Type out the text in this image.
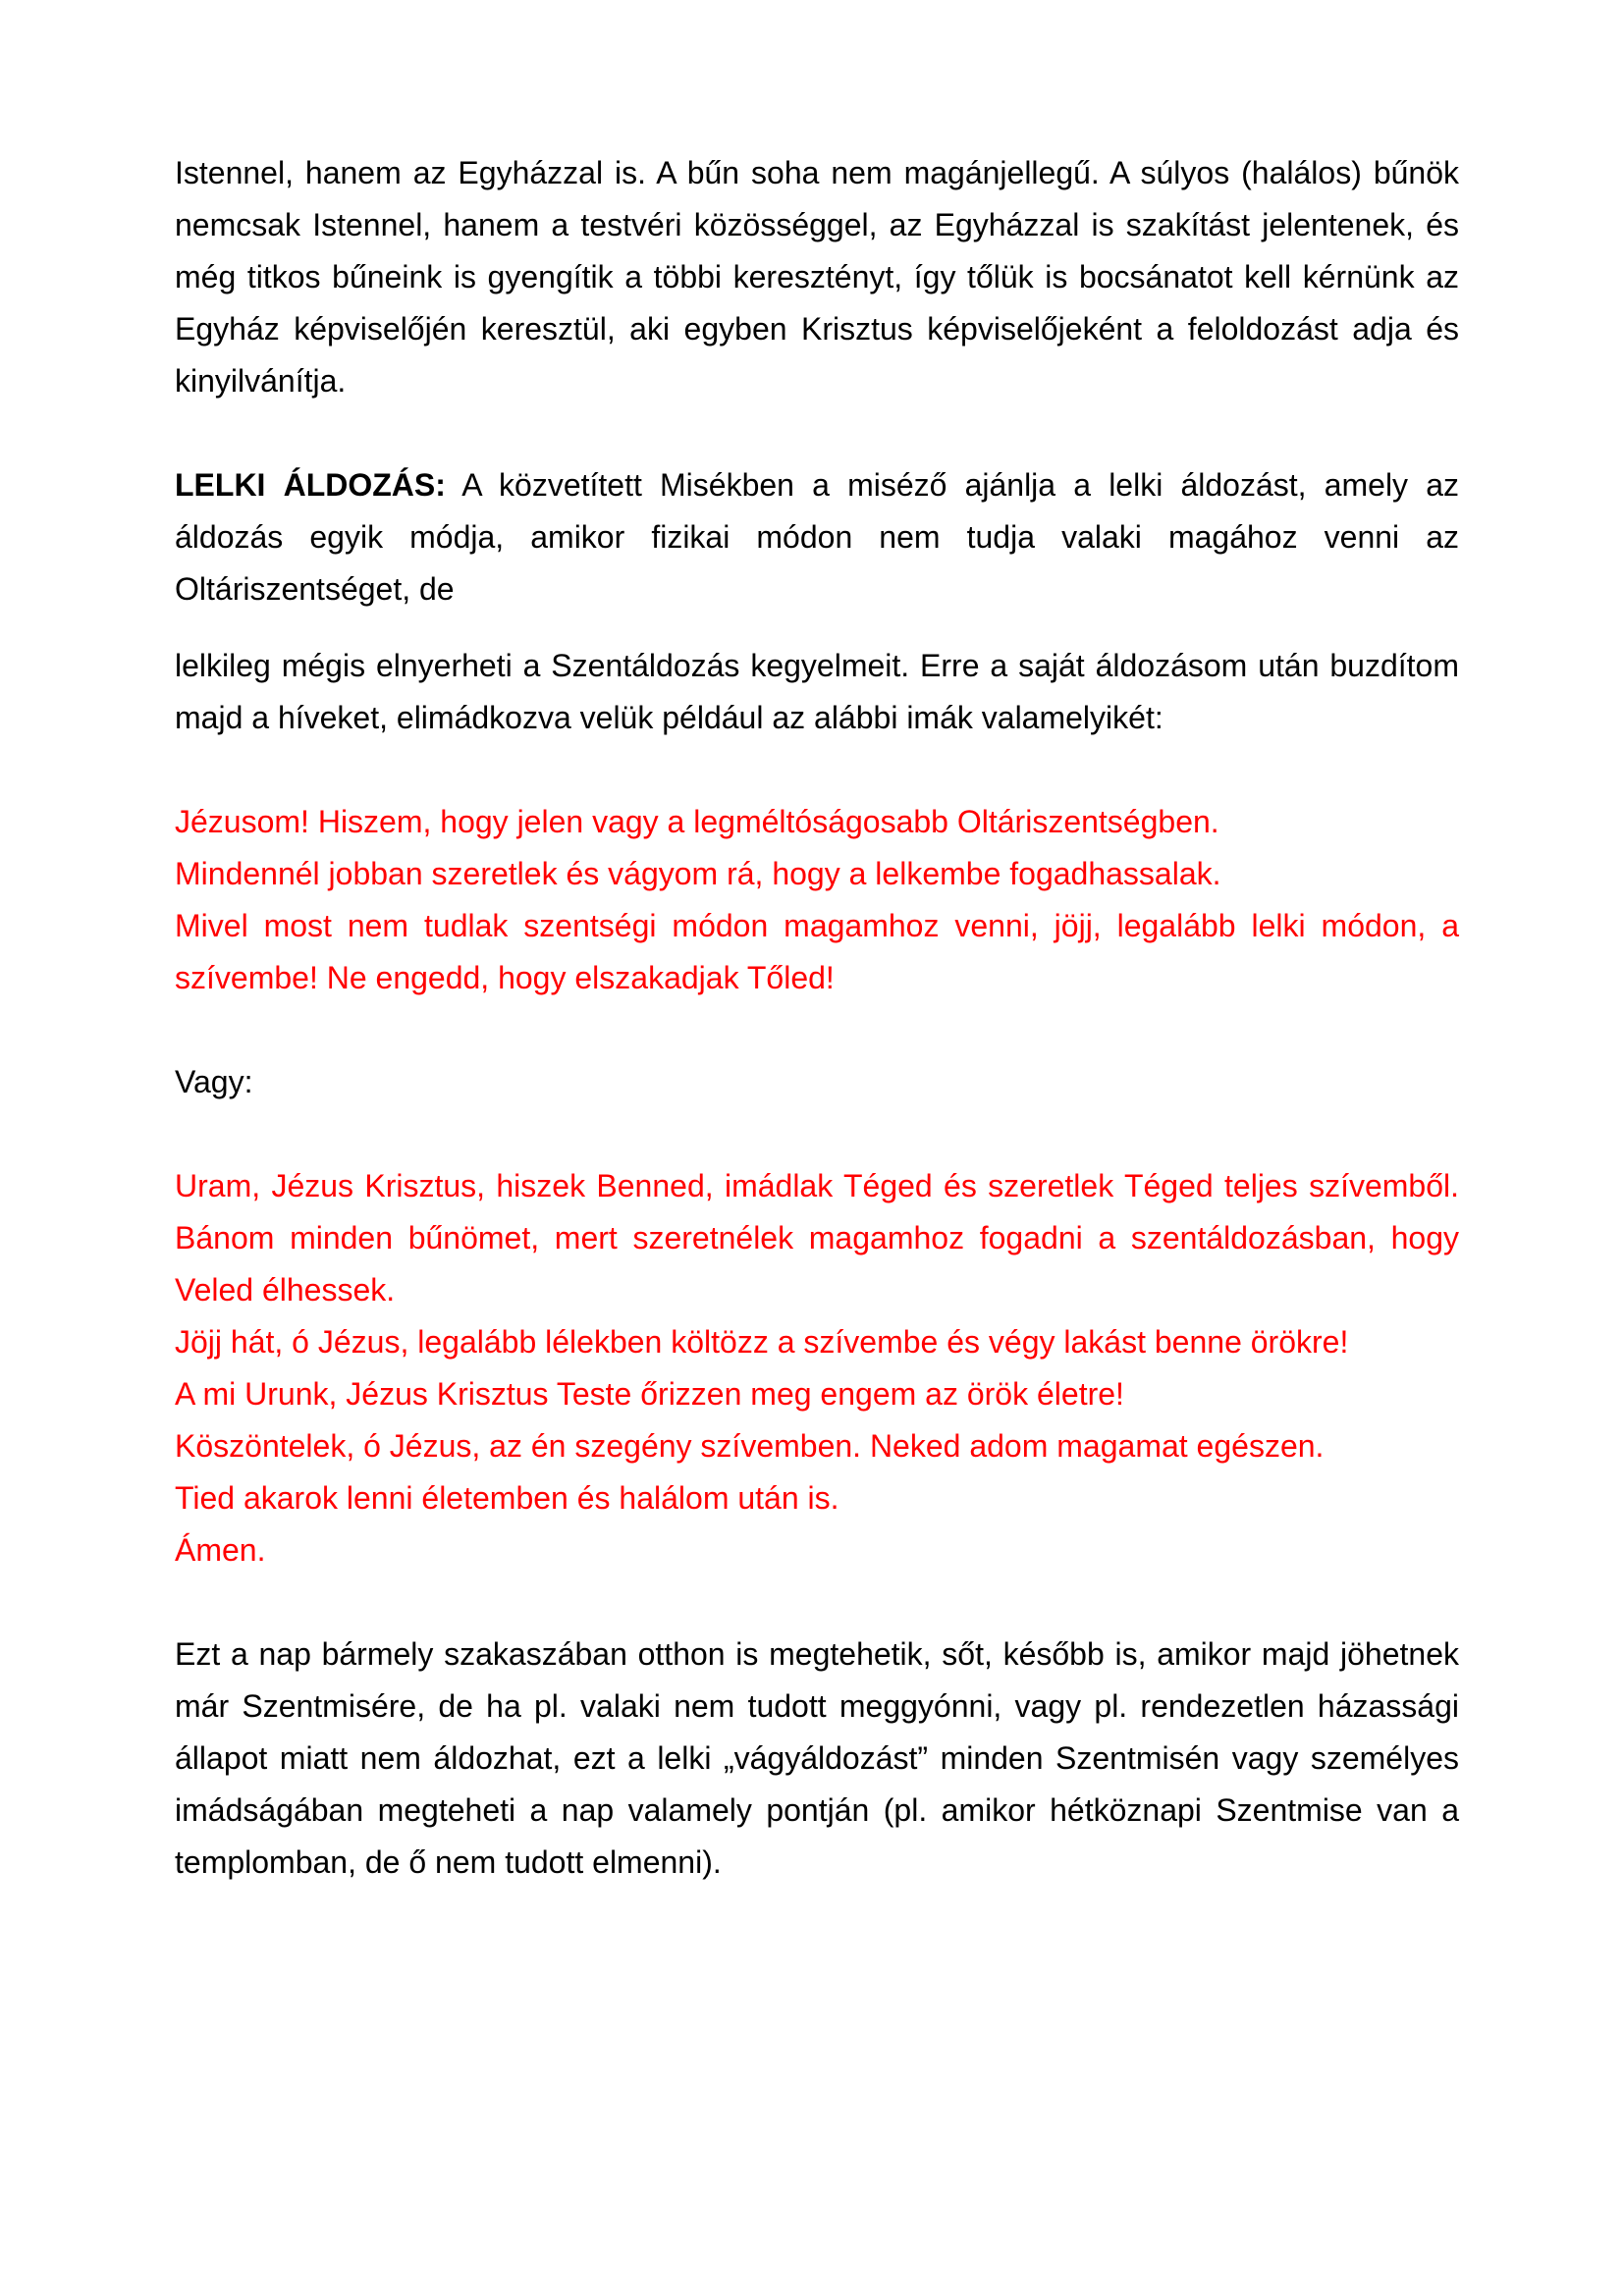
Istennel, hanem az Egyházzal is. A bűn soha nem magánjellegű. A súlyos (halálos) bűnök nemcsak Istennel, hanem a testvéri közösséggel, az Egyházzal is szakítást jelentenek, és még titkos bűneink is gyengítik a többi keresztényt, így tőlük is bocsánatot kell kérnünk az Egyház képviselőjén keresztül, aki egyben Krisztus képviselőjeként a feloldozást adja és kinyilvánítja.

LELKI ÁLDOZÁS: A közvetített Misékben a miséző ajánlja a lelki áldozást, amely az áldozás egyik módja, amikor fizikai módon nem tudja valaki magához venni az Oltáriszentséget, de

lelkileg mégis elnyerheti a Szentáldozás kegyelmeit. Erre a saját áldozásom után buzdítom majd a híveket, elimádkozva velük például az alábbi imák valamelyikét:

Jézusom! Hiszem, hogy jelen vagy a legméltóságosabb Oltáriszentségben.

Mindennél jobban szeretlek és vágyom rá, hogy a lelkembe fogadhassalak.

Mivel most nem tudlak szentségi módon magamhoz venni, jöjj, legalább lelki módon, a szívembe! Ne engedd, hogy elszakadjak Tőled!

Vagy:

Uram, Jézus Krisztus, hiszek Benned, imádlak Téged és szeretlek Téged teljes szívemből. Bánom minden bűnömet, mert szeretnélek magamhoz fogadni a szentáldozásban, hogy Veled élhessek.

Jöjj hát, ó Jézus, legalább lélekben költözz a szívembe és végy lakást benne örökre!

A mi Urunk, Jézus Krisztus Teste őrizzen meg engem az örök életre!

Köszöntelek, ó Jézus, az én szegény szívemben. Neked adom magamat egészen.

Tied akarok lenni életemben és halálom után is.

Ámen.

Ezt a nap bármely szakaszában otthon is megtehetik, sőt, később is, amikor majd jöhetnek már Szentmisére, de ha pl. valaki nem tudott meggyónni, vagy pl. rendezetlen házassági állapot miatt nem áldozhat, ezt a lelki „vágyáldozást” minden Szentmisén vagy személyes imádságában megteheti a nap valamely pontján (pl. amikor hétköznapi Szentmise van a templomban, de ő nem tudott elmenni).
